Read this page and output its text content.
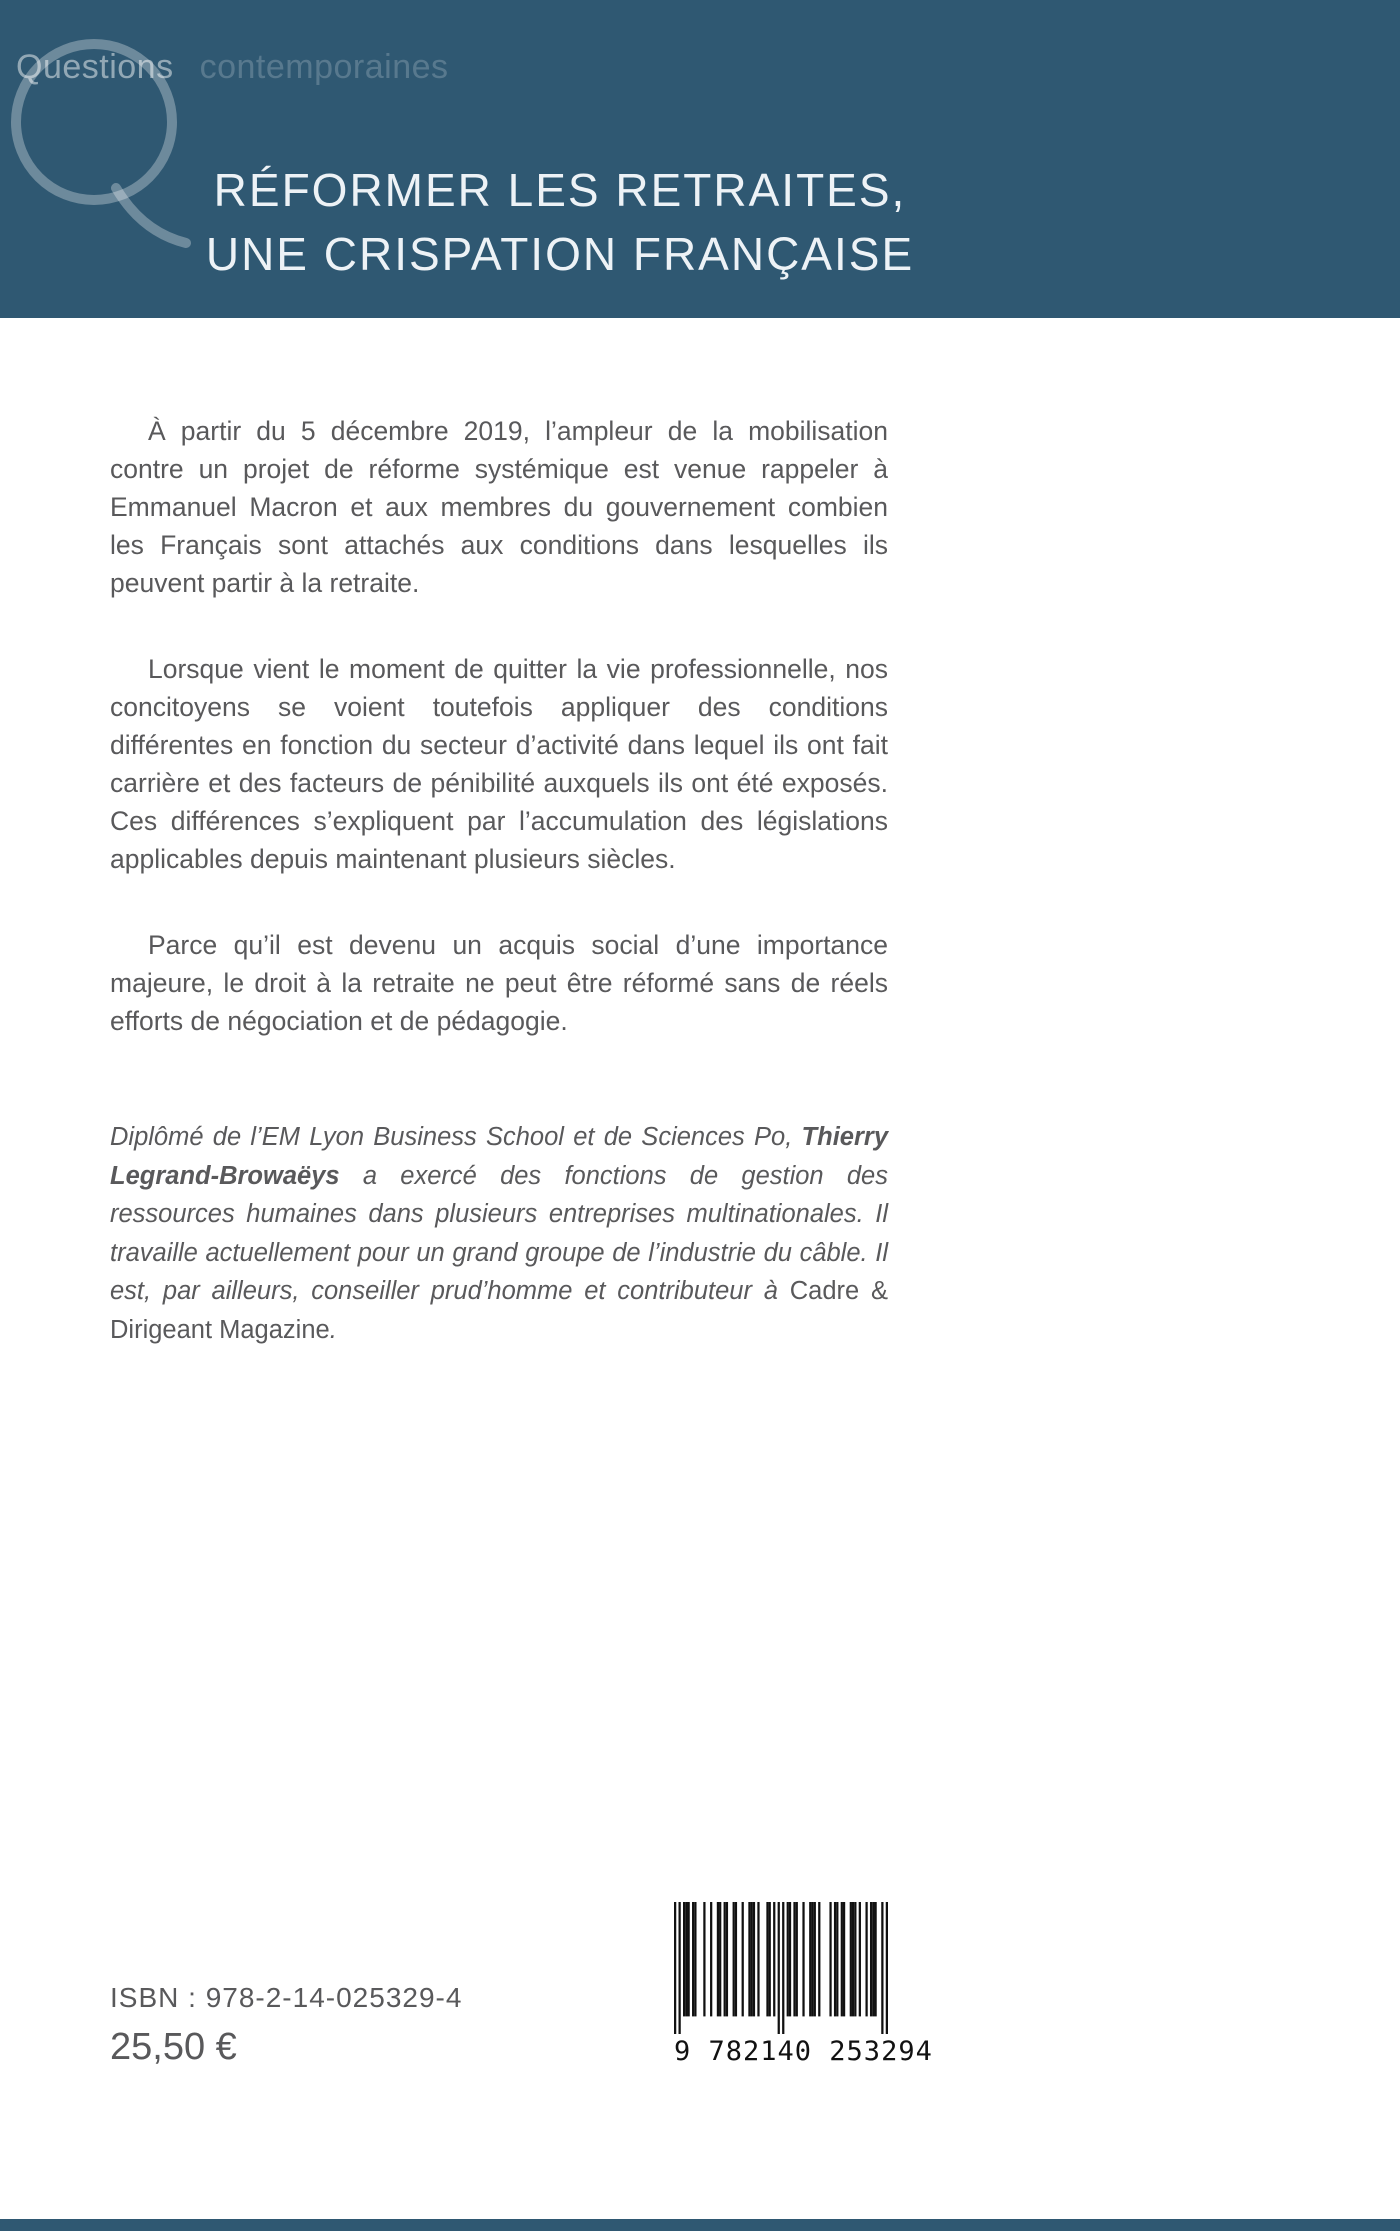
Questions contemporaines
RÉFORMER LES RETRAITES,
UNE CRISPATION FRANÇAISE

À partir du 5 décembre 2019, l’ampleur de la mobilisation contre un projet de réforme systémique est venue rappeler à Emmanuel Macron et aux membres du gouvernement combien les Français sont attachés aux conditions dans lesquelles ils peuvent partir à la retraite.

Lorsque vient le moment de quitter la vie professionnelle, nos concitoyens se voient toutefois appliquer des conditions différentes en fonction du secteur d’activité dans lequel ils ont fait carrière et des facteurs de pénibilité auxquels ils ont été exposés. Ces différences s’expliquent par l’accumulation des législations applicables depuis maintenant plusieurs siècles.

Parce qu’il est devenu un acquis social d’une importance majeure, le droit à la retraite ne peut être réformé sans de réels efforts de négociation et de pédagogie.

Diplômé de l’EM Lyon Business School et de Sciences Po, Thierry Legrand-Browaëys a exercé des fonctions de gestion des ressources humaines dans plusieurs entreprises multinationales. Il travaille actuellement pour un grand groupe de l’industrie du câble. Il est, par ailleurs, conseiller prud’homme et contributeur à Cadre & Dirigeant Magazine.
ISBN : 978-2-14-025329-4
25,50 €	9 782140 253294
